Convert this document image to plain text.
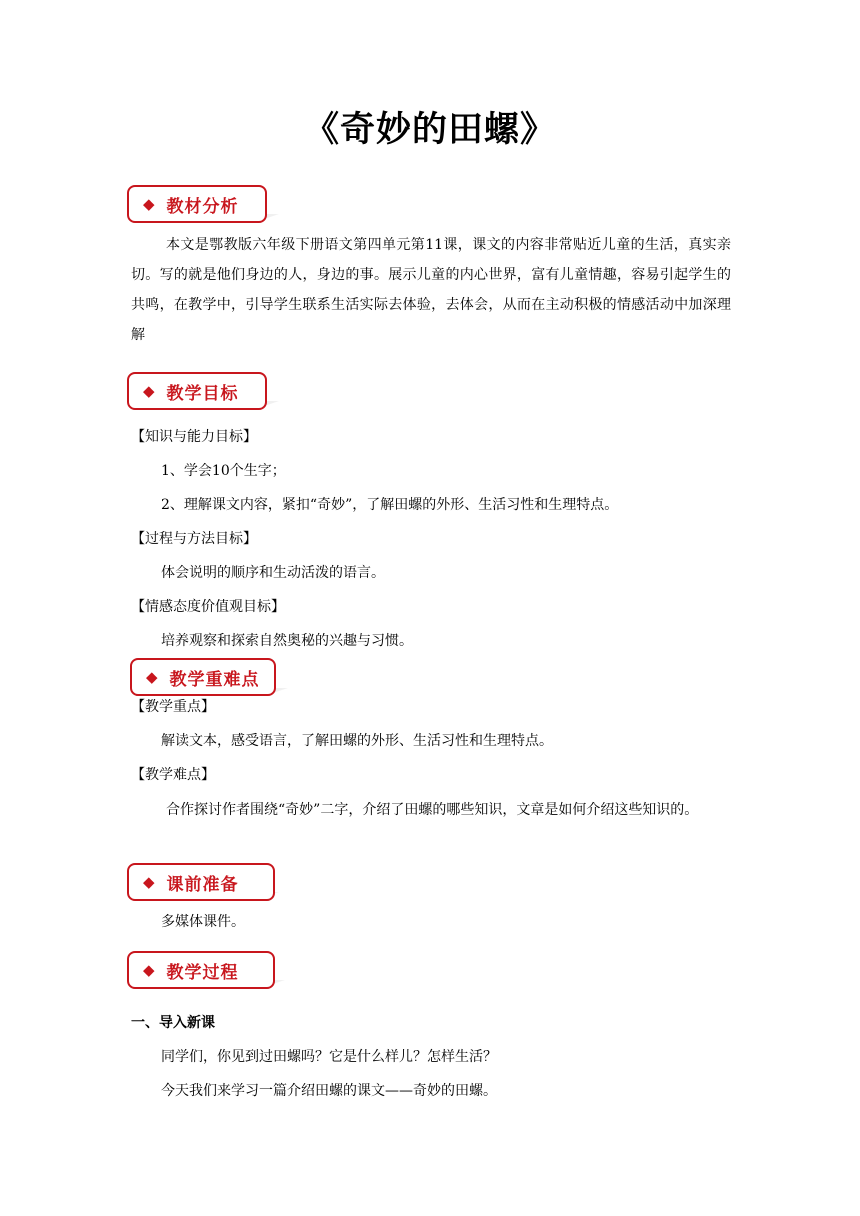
《奇妙的田螺》
◆ 教材分析
本文是鄂教版六年级下册语文第四单元第11课，课文的内容非常贴近儿童的生活，真实亲切。写的就是他们身边的人，身边的事。展示儿童的内心世界，富有儿童情趣，容易引起学生的共鸣，在教学中，引导学生联系生活实际去体验，去体会，从而在主动积极的情感活动中加深理解
◆ 教学目标
【知识与能力目标】
1、学会10个生字；
2、理解课文内容，紧扣“奇妙”，了解田螺的外形、生活习性和生理特点。
【过程与方法目标】
体会说明的顺序和生动活泼的语言。
【情感态度价值观目标】
培养观察和探索自然奥秘的兴趣与习惯。
◆ 教学重难点
【教学重点】
解读文本，感受语言，了解田螺的外形、生活习性和生理特点。
【教学难点】
合作探讨作者围绕“奇妙”二字，介绍了田螺的哪些知识，文章是如何介绍这些知识的。
◆ 课前准备
多媒体课件。
◆ 教学过程
一、导入新课
同学们，你见到过田螺吗？它是什么样儿？怎样生活？
今天我们来学习一篇介绍田螺的课文——奇妙的田螺。
